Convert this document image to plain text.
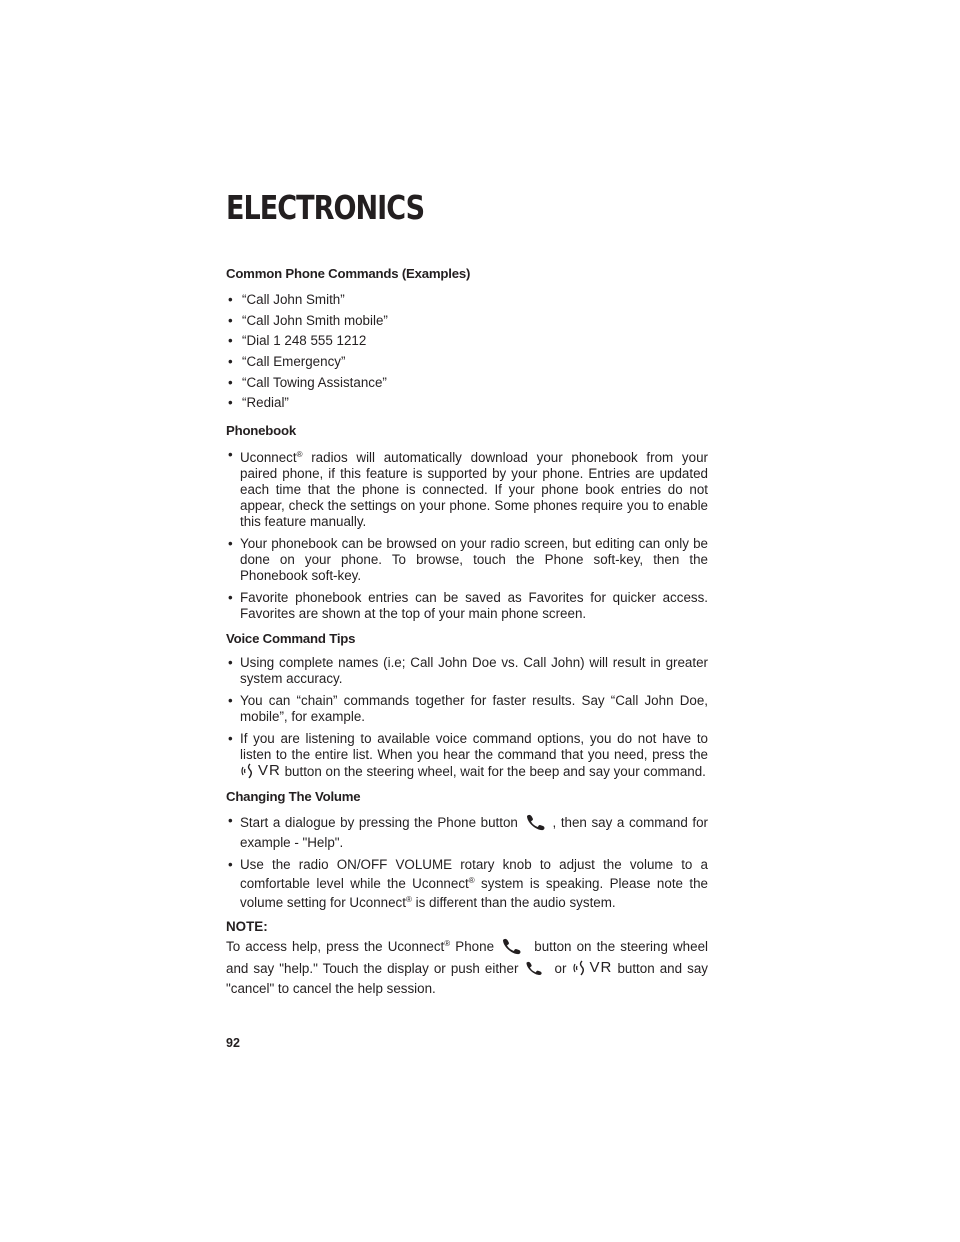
ELECTRONICS
Common Phone Commands (Examples)
• “Call John Smith”
• “Call John Smith mobile”
• “Dial 1 248 555 1212
• “Call Emergency”
• “Call Towing Assistance”
• “Redial”
Phonebook
• Uconnect® radios will automatically download your phonebook from your paired phone, if this feature is supported by your phone. Entries are updated each time that the phone is connected. If your phone book entries do not appear, check the settings on your phone. Some phones require you to enable this feature manually.
• Your phonebook can be browsed on your radio screen, but editing can only be done on your phone. To browse, touch the Phone soft-key, then the Phonebook soft-key.
• Favorite phonebook entries can be saved as Favorites for quicker access. Favorites are shown at the top of your main phone screen.
Voice Command Tips
• Using complete names (i.e; Call John Doe vs. Call John) will result in greater system accuracy.
• You can “chain” commands together for faster results. Say “Call John Doe, mobile”, for example.
• If you are listening to available voice command options, you do not have to listen to the entire list. When you hear the command that you need, press the
VR button on the steering wheel, wait for the beep and say your command.
Changing The Volume
• Start a dialogue by pressing the Phone button	, then say a command for example - "Help".
• Use the radio ON/OFF VOLUME rotary knob to adjust the volume to a comfortable level while the Uconnect® system is speaking. Please note the volume setting for Uconnect® is different than the audio system.
NOTE:

To access help, press the Uconnect® Phone	button on the steering wheel and say "help." Touch the display or push either	or VR button and say "cancel" to cancel the help session.

92
